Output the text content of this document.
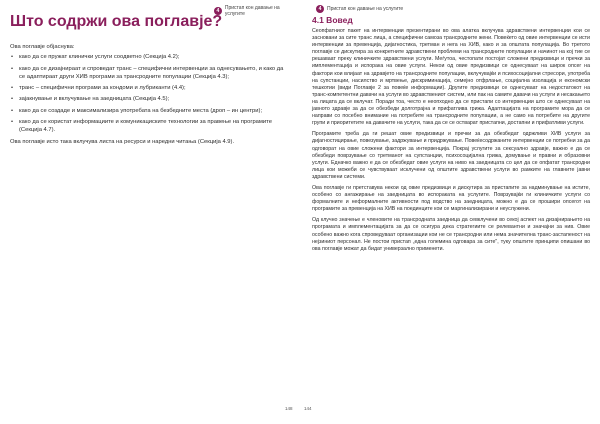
4	Пристап кон давање на услугите
Што содржи ова поглавје?

Ова поглавје објаснува:

• како да се пружат клинички услуги соодветно (Секција 4.2);
• како да се дизајнираат и спроведат транс – специфични интервенции за однесувањето, и како да се адаптираат други ХИВ програми за трансродните популации (Секција 4.3);
• транс – специфични програми за кондоми и лубриканти (4.4);
• зајакнување и вклучување на заедницата (Секција 4.5);
• како да се создаде и максимализира употребата на безбедните места (дроп – ин центри);
• како да се користат информациите и комуникациските технологии за правење на програмите (Секција 4.7).

Ова поглавје исто така вклучува листа на ресурси и наредни читања (Секција 4.9).

148
4	Пристап кон давање на услугите
4.1 Вовед

Сеопфатниот пакет на интервенции презентирани во ова алатка вклучува здравствени интервенции кои се засновани за сите транс лица, а специфични самоза трансродните жени. Повеќето од овие интервенции се исти интервенции за превенција, дијагностика, третман и нега на ХИВ, како и за општата популација. Во третото поглавје се дискутира за конкретните здравствени проблеми на трансродните популации и начинот на кој тие се решаваат преку клиничките здравствени услуги. Меѓутоа, честопати постојат сложени предизвици и пречки за имплементација и испорака на овие услуги. Некои од овие предизвици се однесуваат на широк опсег на фактори кои влијаат на здравјето на трансродните популации, вклучувајќи и психосоцијални стресори, употреба на супстанции, насилство и мртвење, дискриминација, семејно отфрлање, социјална изолација и економски тешкотии (види Поглавје 2 за повеќе информации). Другите предизвици се однесуваат на недостатокот на транс-компетентни давачи на услуги во здравствениот систем, или пак на самите давачи на услуги и несакањето на лицата да се вклучат. Поради тоа, често е неопходно да се пристапи со интервенции што се однесуваат на јавното здравје за да се обезбеди долготрајна и прифатлива грижа. Адаптацијата на програмите мора да се направи со посебно внимание на потребите на трансродните популации, а не само на потребите на другите групи и приоритетите на давачите на услуги, така да се се остварат пристапни, достапни и прифатливи услуги.

Програмите треба да ги решат овие предизвици и пречки за да обезбедат одржливи ХИВ услуги за дијагностицирање, повезување, задржување и придржување. Повеќесодржаните интервенции се потребни за да одговорат на овие сложени фактори за интервенција. Покрај услугите за сексуално здравје, важно е да се обезбеди поврзување со третманот на супстанции, психосоцијална грижа, домување и правни и образовни услуги. Едначко важно е да се обезбедат овие услуги на ниво на заедницата со цел да се опфатат трансродни лица кои можеби се чувствуваат исклучени од општите здравствени услуги во рамките на главните јавни здравствени системи.

Ова поглавје ги претставува некои од овие предизвици и дискутира за пристапите за надминување на истите, особено со ангажирање на заедницата во испораката на услугите. Поврзувајќи ги клиничките услуги со формалните и неформалните активности под водство на заедницата, можно е да се прошири опсегот на програмите за превенција на ХИВ на поединците кои се маргинализирани и неуслужени.

Од клучно значење е членовите на трансродната заедница да севклучени во секој аспект на дизајнирањето на програмата и имплементацијата за да се осигура дека стратегиите се релевантни и значајни за нив. Овие особено важно кога спроведуваат организации кои не се трансродни или нема значителна транс-застапеност на нејзиниот персонал. Не постои пристап „една големина одговара за сите", туку општите принципи опишани во ова поглавје можат да бидат универзално применети.

144
